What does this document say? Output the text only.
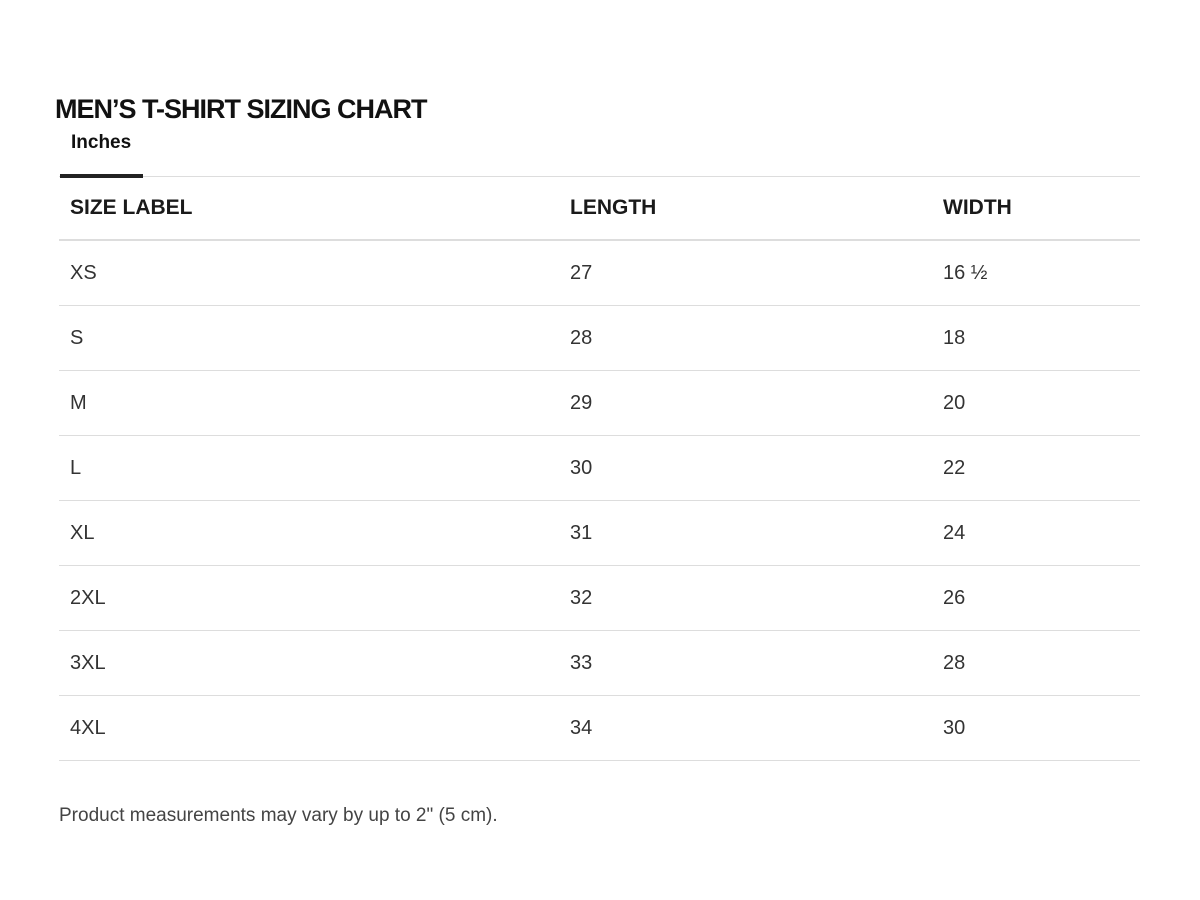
MEN’S T-SHIRT SIZING CHART
Inches
SIZE LABEL	LENGTH	WIDTH
XS	27	16 ½
S	28	18
M	29	20
L	30	22
XL	31	24
2XL	32	26
3XL	33	28
4XL	34	30

Product measurements may vary by up to 2" (5 cm).
